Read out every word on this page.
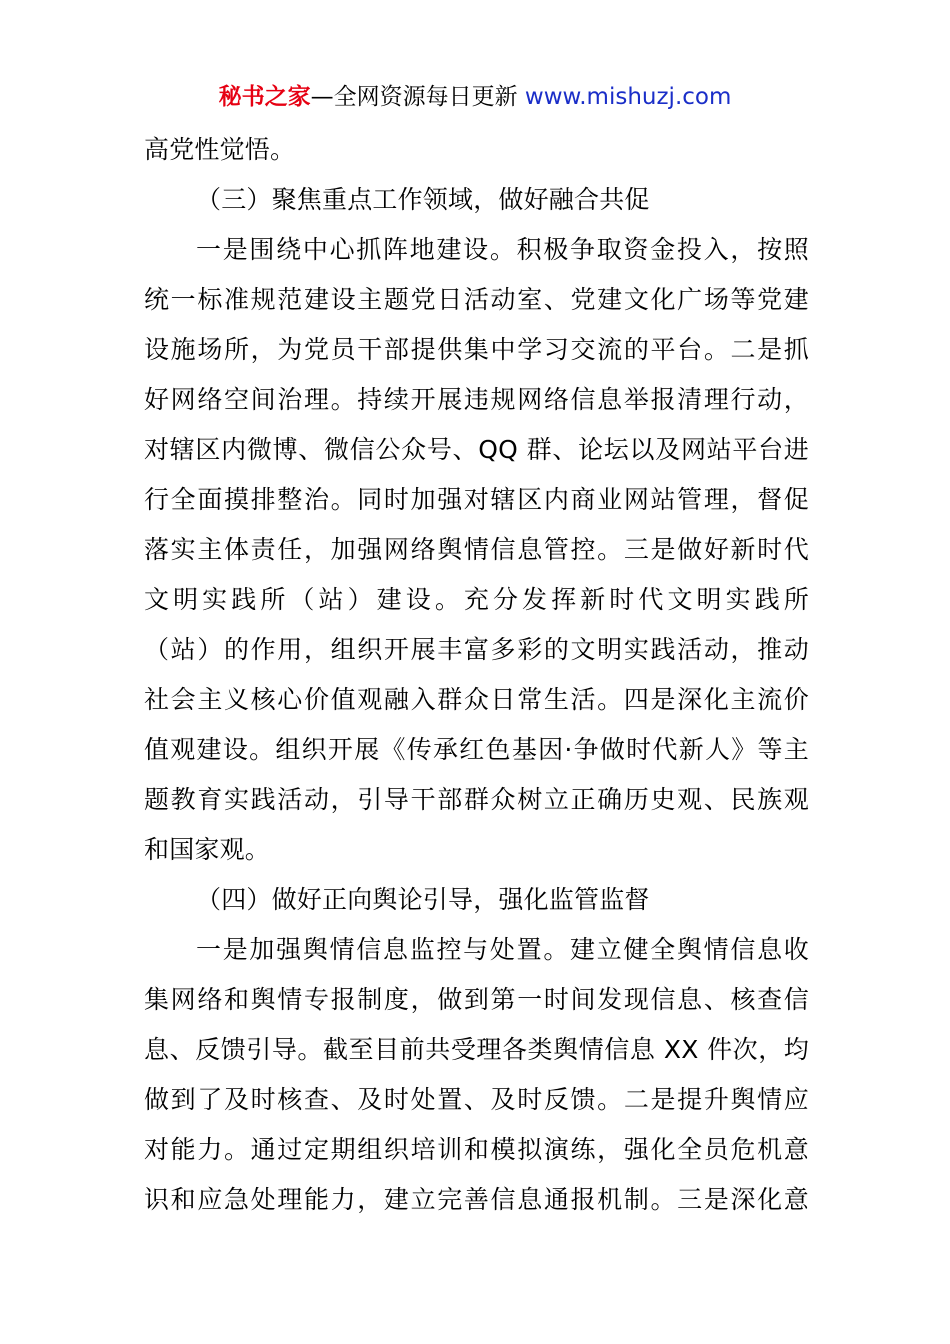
秘书之家—全网资源每日更新 www.mishuzj.com
高党性觉悟。
（三）聚焦重点工作领域，做好融合共促
一是围绕中心抓阵地建设。积极争取资金投入，按照
统一标准规范建设主题党日活动室、党建文化广场等党建
设施场所，为党员干部提供集中学习交流的平台。二是抓
好网络空间治理。持续开展违规网络信息举报清理行动，
对辖区内微博、微信公众号、QQ 群、论坛以及网站平台进
行全面摸排整治。同时加强对辖区内商业网站管理，督促
落实主体责任，加强网络舆情信息管控。三是做好新时代
文明实践所（站）建设。充分发挥新时代文明实践所
（站）的作用，组织开展丰富多彩的文明实践活动，推动
社会主义核心价值观融入群众日常生活。四是深化主流价
值观建设。组织开展《传承红色基因·争做时代新人》等主
题教育实践活动，引导干部群众树立正确历史观、民族观
和国家观。
（四）做好正向舆论引导，强化监管监督
一是加强舆情信息监控与处置。建立健全舆情信息收
集网络和舆情专报制度，做到第一时间发现信息、核查信
息、反馈引导。截至目前共受理各类舆情信息 XX 件次，均
做到了及时核查、及时处置、及时反馈。二是提升舆情应
对能力。通过定期组织培训和模拟演练，强化全员危机意
识和应急处理能力，建立完善信息通报机制。三是深化意
